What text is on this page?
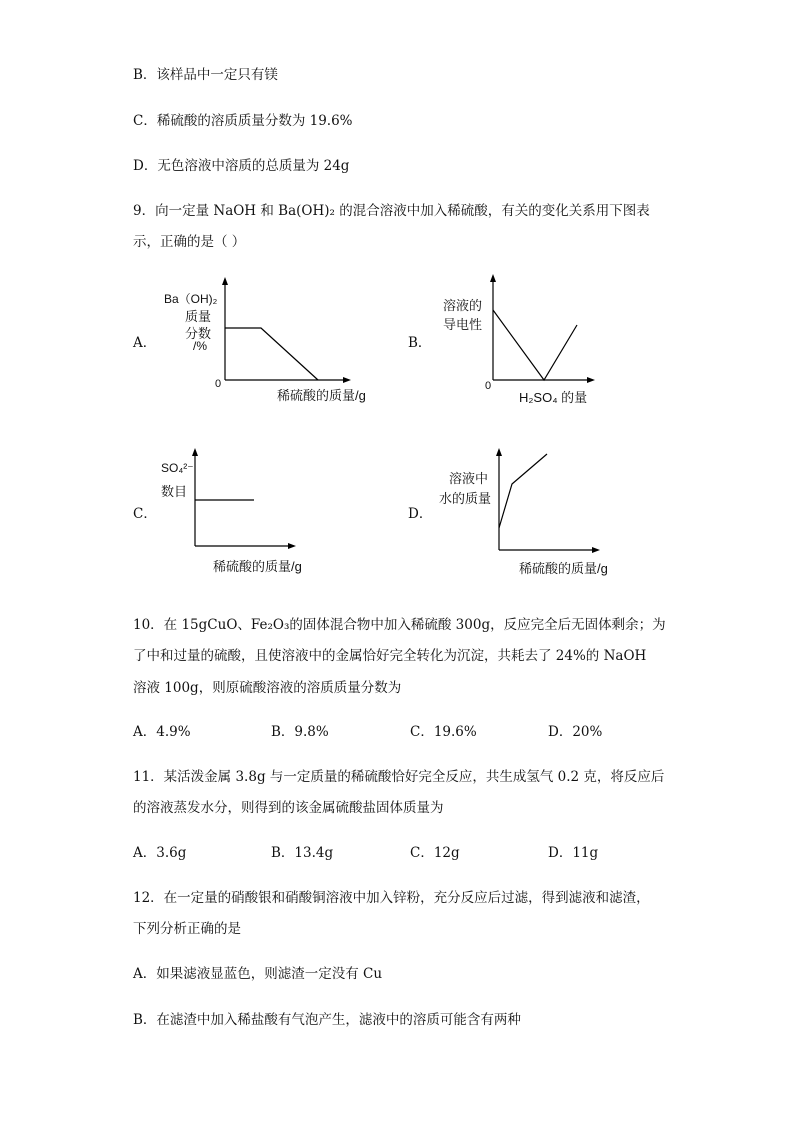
B．该样品中一定只有镁
C．稀硫酸的溶质质量分数为 19.6%
D．无色溶液中溶质的总质量为 24g
9．向一定量 NaOH 和 Ba(OH)₂ 的混合溶液中加入稀硫酸，有关的变化关系用下图表
示，正确的是（ ）
A．
Ba（OH)₂
质量
分数
/%
0
稀硫酸的质量/g
B．
溶液的
导电性
0
H₂SO₄ 的量
C．
SO₄²⁻
数目
稀硫酸的质量/g
D．
溶液中
水的质量
稀硫酸的质量/g
10．在 15gCuO、Fe₂O₃的固体混合物中加入稀硫酸 300g，反应完全后无固体剩余；为
了中和过量的硫酸，且使溶液中的金属恰好完全转化为沉淀，共耗去了 24%的 NaOH
溶液 100g，则原硫酸溶液的溶质质量分数为
A．4.9%	B．9.8%	C．19.6%	D．20%
11．某活泼金属 3.8g 与一定质量的稀硫酸恰好完全反应，共生成氢气 0.2 克，将反应后
的溶液蒸发水分，则得到的该金属硫酸盐固体质量为
A．3.6g	B．13.4g	C．12g	D．11g
12．在一定量的硝酸银和硝酸铜溶液中加入锌粉，充分反应后过滤，得到滤液和滤渣，
下列分析正确的是
A．如果滤液显蓝色，则滤渣一定没有 Cu
B．在滤渣中加入稀盐酸有气泡产生，滤液中的溶质可能含有两种
